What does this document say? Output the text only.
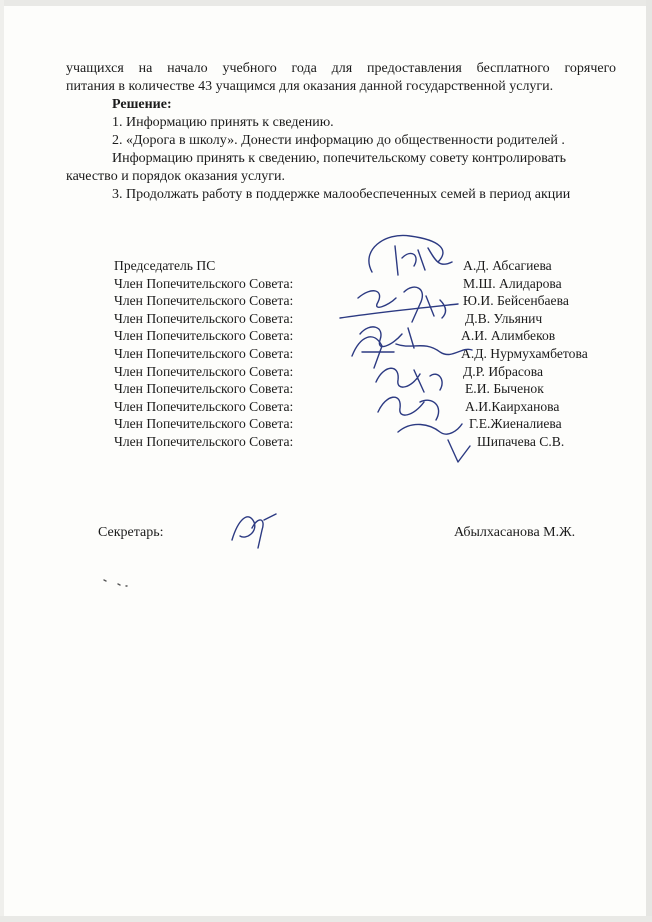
учащихся на начало учебного года для предоставления бесплатного горячего
питания в количестве 43 учащимся для оказания данной государственной услуги.
Решение:
1. Информацию принять к сведению.
2. «Дорога в школу». Донести информацию до общественности родителей .
Информацию принять к сведению, попечительскому совету контролировать
качество и порядок оказания услуги.
3. Продолжать работу в поддержке малообеспеченных семей в период акции
Председатель ПС	А.Д. Абсагиева
Член Попечительского Совета:	М.Ш. Алидарова
Член Попечительского Совета:	Ю.И. Бейсенбаева
Член Попечительского Совета:	Д.В. Ульянич
Член Попечительского Совета:	А.И. Алимбеков
Член Попечительского Совета:	А.Д. Нурмухамбетова
Член Попечительского Совета:	Д.Р. Ибрасова
Член Попечительского Совета:	Е.И. Быченок
Член Попечительского Совета:	А.И.Каирханова
Член Попечительского Совета:	Г.Е.Жиеналиева
Член Попечительского Совета:	Шипачева С.В.
Секретарь:	Абылхасанова М.Ж.
